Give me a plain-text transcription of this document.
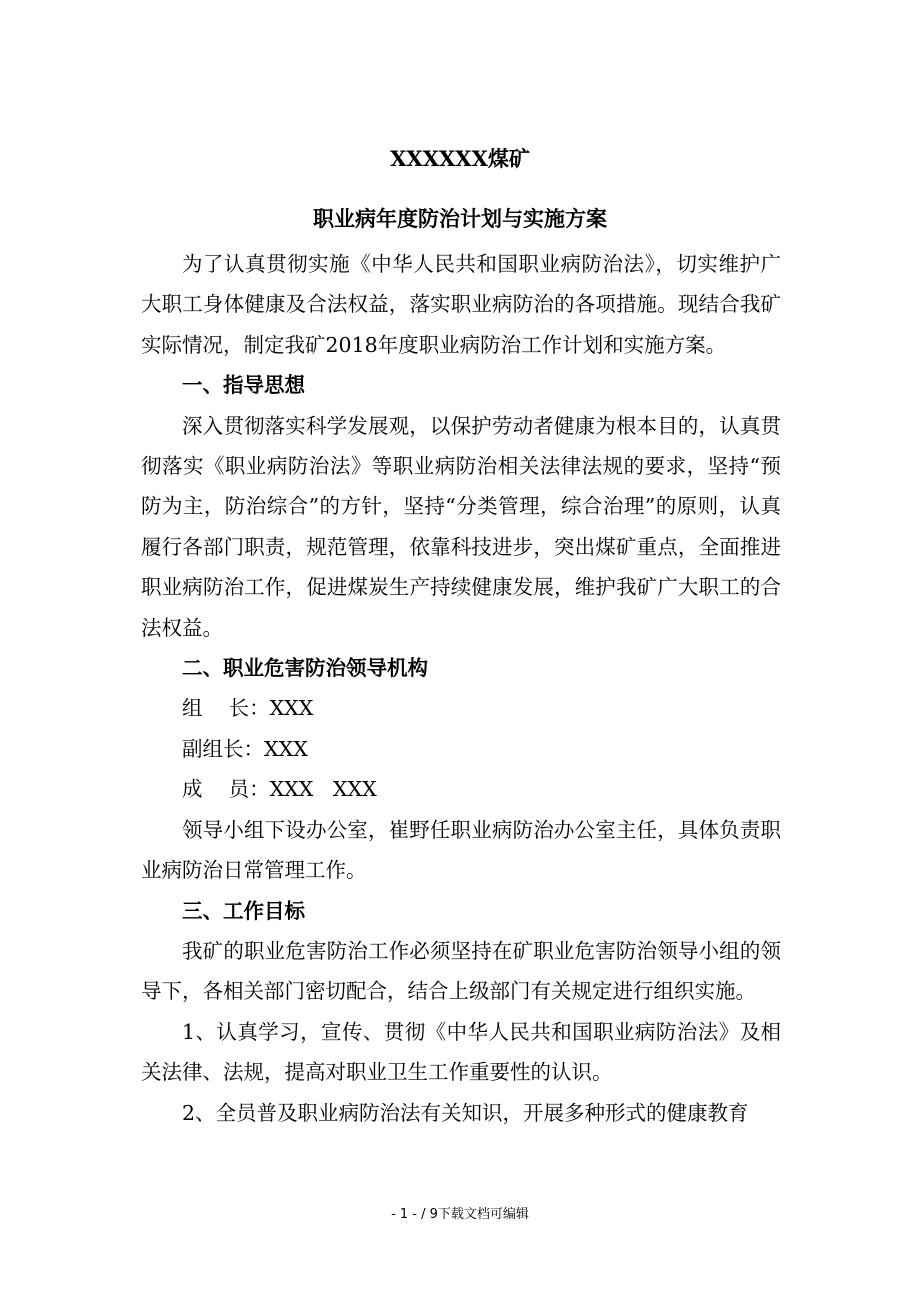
XXXXXX煤矿
职业病年度防治计划与实施方案

为了认真贯彻实施《中华人民共和国职业病防治法》，切实维护广大职工身体健康及合法权益，落实职业病防治的各项措施。现结合我矿实际情况，制定我矿2018年度职业病防治工作计划和实施方案。

一、指导思想

深入贯彻落实科学发展观，以保护劳动者健康为根本目的，认真贯彻落实《职业病防治法》等职业病防治相关法律法规的要求，坚持“预防为主，防治综合”的方针，坚持“分类管理，综合治理”的原则，认真履行各部门职责，规范管理，依靠科技进步，突出煤矿重点，全面推进职业病防治工作，促进煤炭生产持续健康发展，维护我矿广大职工的合法权益。

二、职业危害防治领导机构
组    长：XXX
副组长：XXX
成    员：XXX   XXX

领导小组下设办公室，崔野任职业病防治办公室主任，具体负责职业病防治日常管理工作。

三、工作目标

我矿的职业危害防治工作必须坚持在矿职业危害防治领导小组的领导下，各相关部门密切配合，结合上级部门有关规定进行组织实施。

1、认真学习，宣传、贯彻《中华人民共和国职业病防治法》及相关法律、法规，提高对职业卫生工作重要性的认识。

2、全员普及职业病防治法有关知识，开展多种形式的健康教育

- 1 - / 9下载文档可编辑
